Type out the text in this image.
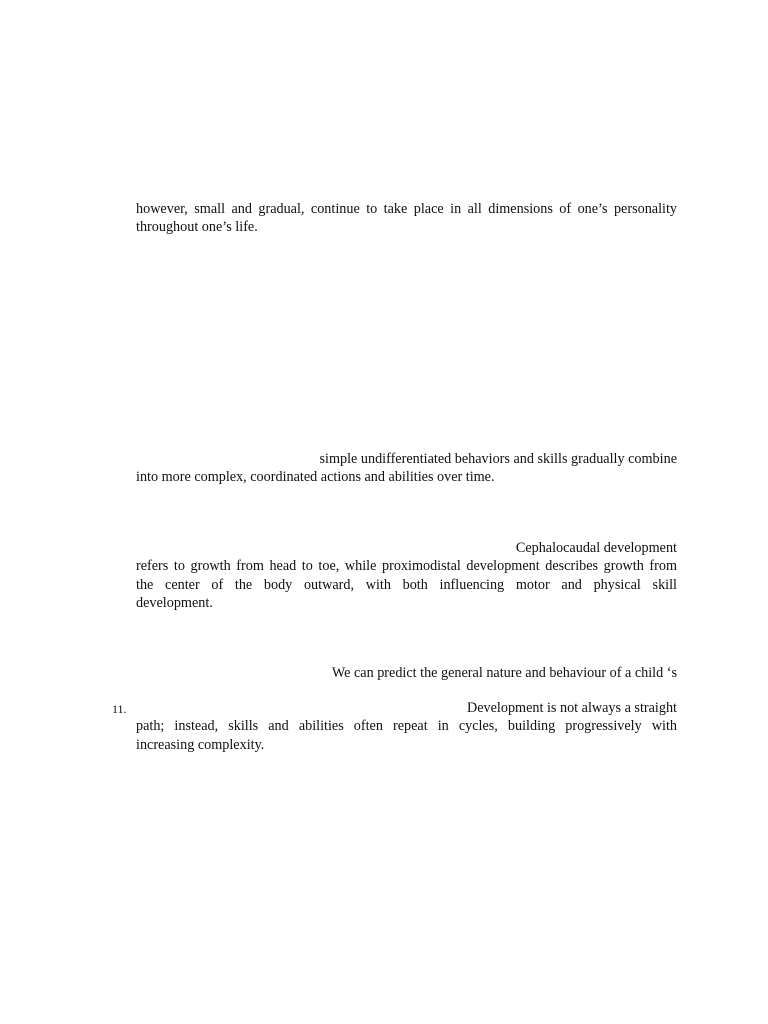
however, small and gradual, continue to take place in all dimensions of one’s personality
throughout one’s life.
simple undifferentiated behaviors and skills gradually combine
into more complex, coordinated actions and abilities over time.
Cephalocaudal development
refers to growth from head to toe, while proximodistal development describes growth from
the center of the body outward, with both influencing motor and physical skill
development.
We can predict the general nature and behaviour of a child ‘s
11.	Development is not always a straight
path; instead, skills and abilities often repeat in cycles, building progressively with
increasing complexity.
